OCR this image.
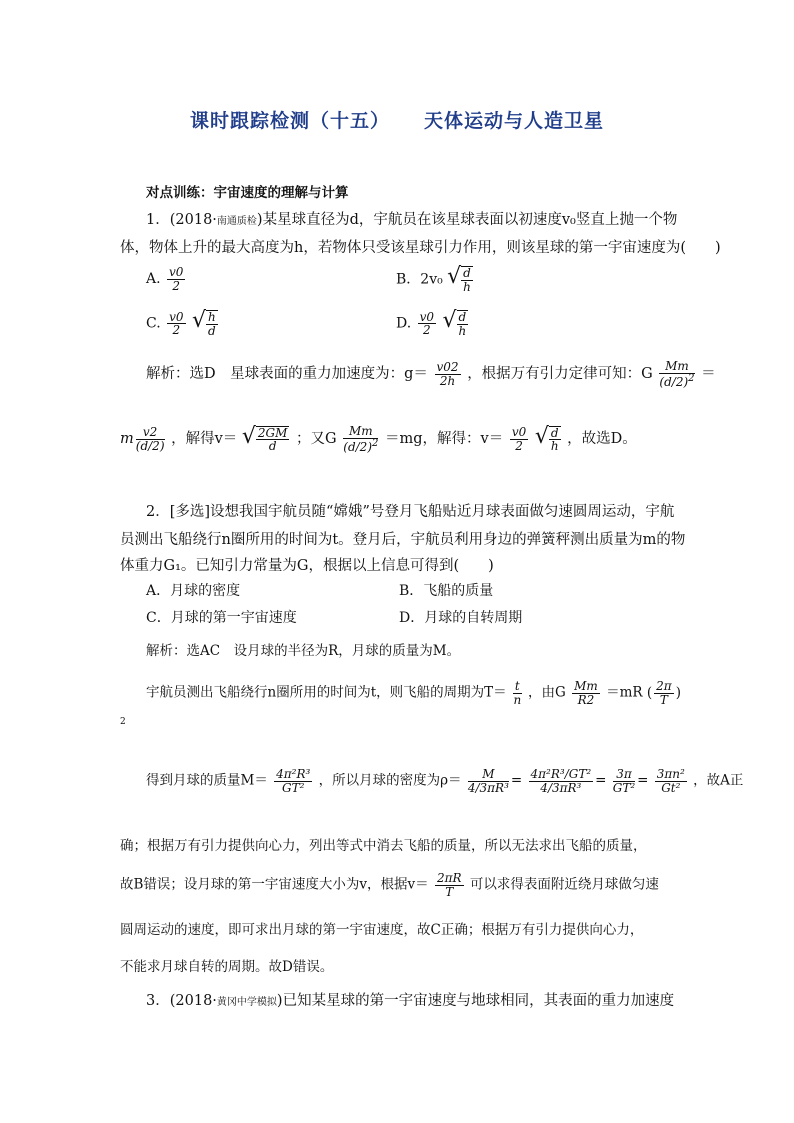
课时跟踪检测（十五） 天体运动与人造卫星
对点训练：宇宙速度的理解与计算
1．(2018·南通质检)某星球直径为d，宇航员在该星球表面以初速度v₀竖直上抛一个物
体，物体上升的最大高度为h，若物体只受该星球引力作用，则该星球的第一宇宙速度为(　　)
A. $\frac{v0}{2}$	B．2v₀ √ $\frac{d}{h}$
C. $\frac{v0}{2}$
√ $\frac{h}{d}$	D. $\frac{v0}{2}$
√ $\frac{d}{h}$
解析：选D　星球表面的重力加速度为：$g= \frac{v02}{2h}$ ，根据万有引力定律可知：G $\frac{Mm}{(d/2)^2}$ ＝
m $\frac{v2}{(d/2)}$ ，解得v＝ √ $\frac{2GM}{d}$ ；又G $\frac{Mm}{(d/2)^2} =mg$，解得：$v= \frac{v0}{2}$
√ $\frac{d}{h}$ ，故选D。
2．[多选]设想我国宇航员随“嫦娥”号登月飞船贴近月球表面做匀速圆周运动，宇航
员测出飞船绕行n圈所用的时间为t。登月后，宇航员利用身边的弹簧秤测出质量为m的物
体重力G₁。已知引力常量为G，根据以上信息可得到(　　)
A．月球的密度	B．飞船的质量
C．月球的第一宇宙速度	D．月球的自转周期
解析：选AC　设月球的半径为R，月球的质量为M。
宇航员测出飞船绕行n圈所用的时间为t，则飞船的周期为$T= \frac{t}{n}$ ，由G $\frac{Mm}{R2} =mR$ ( $\frac{2\pi}{T}$ )
2
得到月球的质量$M= \frac{\text{4π²R³}}{\text{GT²}}$ ，所以月球的密度为$\rho= \frac{M}{\text{4/3πR³}} = \frac{\text{4π²R³/GT²}}{\text{4/3πR³}} = \frac{3\pi}{\text{GT²}} = \frac{\text{3πn²}}{\text{Gt²}}$ ，故A正
确；根据万有引力提供向心力，列出等式中消去飞船的质量，所以无法求出飞船的质量，
故B错误；设月球的第一宇宙速度大小为v，根据$v= \frac{2\pi R}{T}$ 可以求得表面附近绕月球做匀速
圆周运动的速度，即可求出月球的第一宇宙速度，故C正确；根据万有引力提供向心力，
不能求月球自转的周期。故D错误。
3．(2018·黄冈中学模拟)已知某星球的第一宇宙速度与地球相同，其表面的重力加速度
